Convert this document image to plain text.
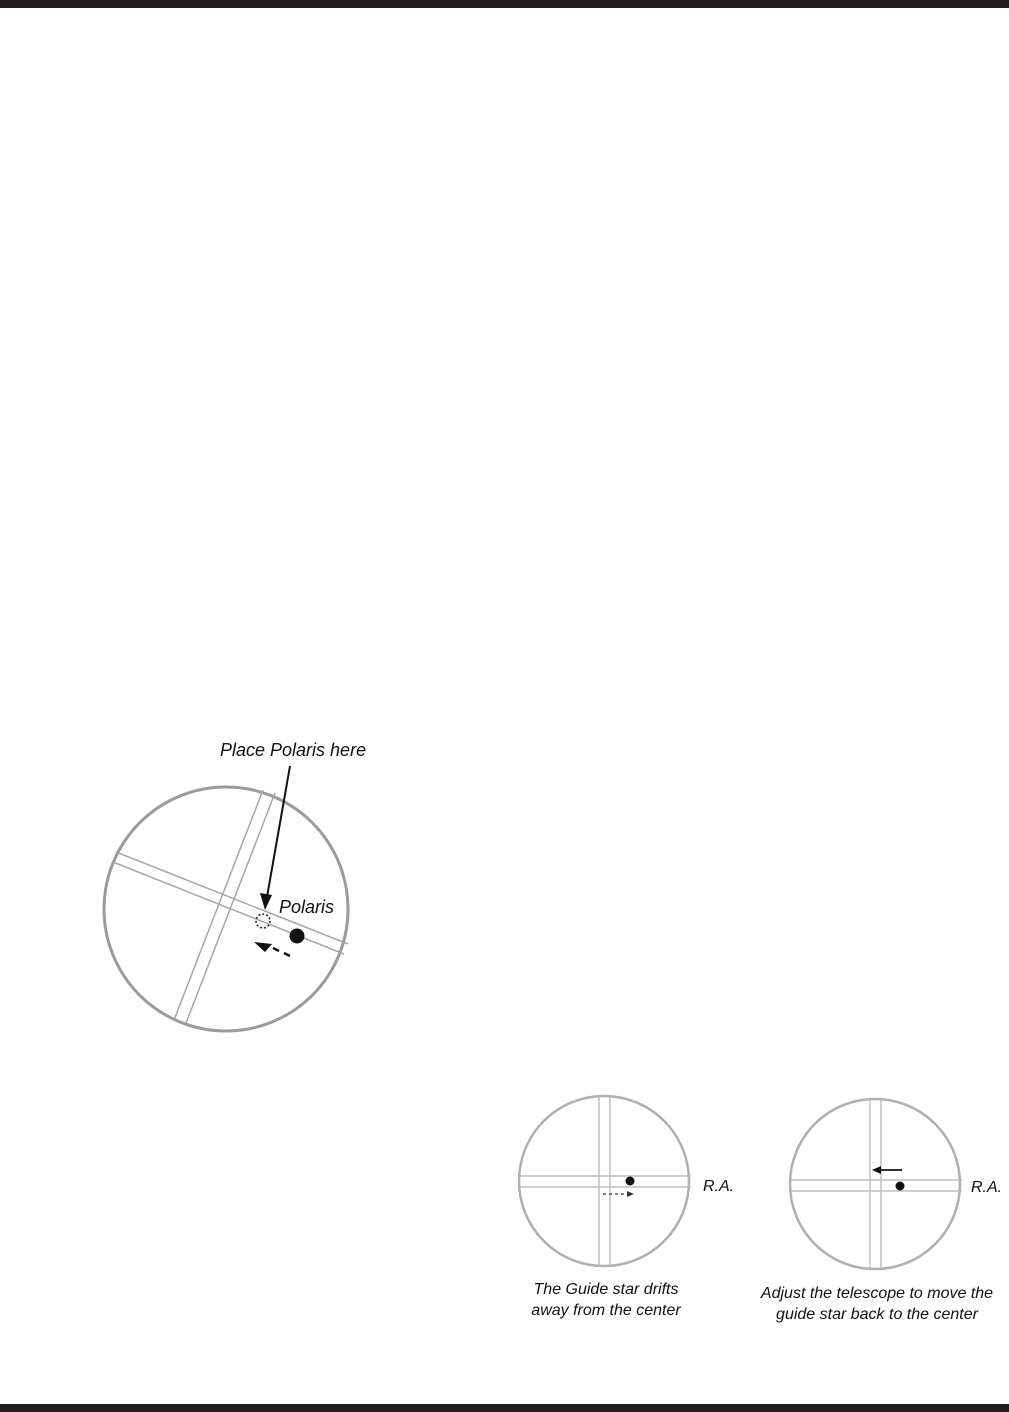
Place Polaris here
Polaris
R.A.
The Guide star drifts
away from the center
R.A.
Adjust the telescope to move the
guide star back to the center
